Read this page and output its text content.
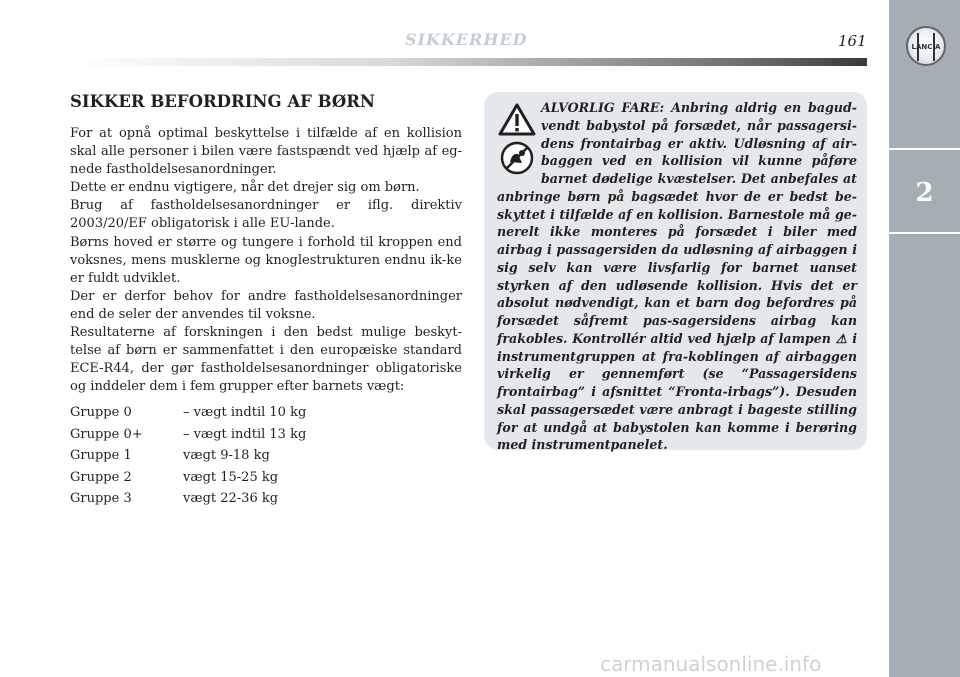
SIKKERHED	161	LANCIA
2
SIKKER BEFORDRING AF BØRN

For at opnå optimal beskyttelse i tilfælde af en kollision skal alle personer i bilen være fastspændt ved hjælp af eg-nede fastholdelsesanordninger.

Dette er endnu vigtigere, når det drejer sig om børn.

Brug af fastholdelsesanordninger er iflg. direktiv 2003/20/EF obligatorisk i alle EU-lande.

Børns hoved er større og tungere i forhold til kroppen end voksnes, mens musklerne og knoglestrukturen endnu ik-ke er fuldt udviklet.

Der er derfor behov for andre fastholdelsesanordninger end de seler der anvendes til voksne.

Resultaterne af forskningen i den bedst mulige beskyt-telse af børn er sammenfattet i den europæiske standard ECE-R44, der gør fastholdelsesanordninger obligatoriske og inddeler dem i fem grupper efter barnets vægt:

Gruppe 0	– vægt indtil 10 kg
Gruppe 0+	– vægt indtil 13 kg
Gruppe 1	vægt 9-18 kg
Gruppe 2	vægt 15-25 kg
Gruppe 3	vægt 22-36 kg
ALVORLIG FARE: Anbring aldrig en bagud-vendt babystol på forsædet, når passagersi-dens frontairbag er aktiv. Udløsning af air-baggen ved en kollision vil kunne påføre barnet dødelige kvæstelser. Det anbefales at anbringe børn på bagsædet hvor de er bedst be-skyttet i tilfælde af en kollision. Barnestole må ge-nerelt ikke monteres på forsædet i biler med airbag i passagersiden da udløsning af airbaggen i sig selv kan være livsfarlig for barnet uanset styrken af den udløsende kollision. Hvis det er absolut nødvendigt, kan et barn dog befordres på forsædet såfremt pas-sagersidens airbag kan frakobles. Kontrollér altid ved hjælp af lampen ⚠ i instrumentgruppen at fra-koblingen af airbaggen virkelig er gennemført (se “Passagersidens frontairbag” i afsnittet “Fronta-irbags”). Desuden skal passagersædet være anbragt i bageste stilling for at undgå at babystolen kan komme i berøring med instrumentpanelet.
carmanualsonline.info
